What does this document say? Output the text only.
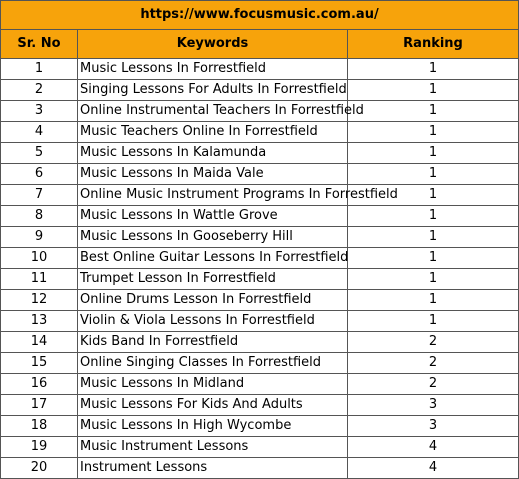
https://www.focusmusic.com.au/		
Sr. No	Keywords	Ranking
1	Music Lessons In Forrestfield	1
2	Singing Lessons For Adults In Forrestfield	1
3	Online Instrumental Teachers In Forrestfield	1
4	Music Teachers Online In Forrestfield	1
5	Music Lessons In Kalamunda	1
6	Music Lessons In Maida Vale	1
7	Online Music Instrument Programs In Forrestfield	1
8	Music Lessons In Wattle Grove	1
9	Music Lessons In Gooseberry Hill	1
10	Best Online Guitar Lessons In Forrestfield	1
11	Trumpet Lesson In Forrestfield	1
12	Online Drums Lesson In Forrestfield	1
13	Violin & Viola Lessons In Forrestfield	1
14	Kids Band In Forrestfield	2
15	Online Singing Classes In Forrestfield	2
16	Music Lessons In Midland	2
17	Music Lessons For Kids And Adults	3
18	Music Lessons In High Wycombe	3
19	Music Instrument Lessons	4
20	Instrument Lessons	4
